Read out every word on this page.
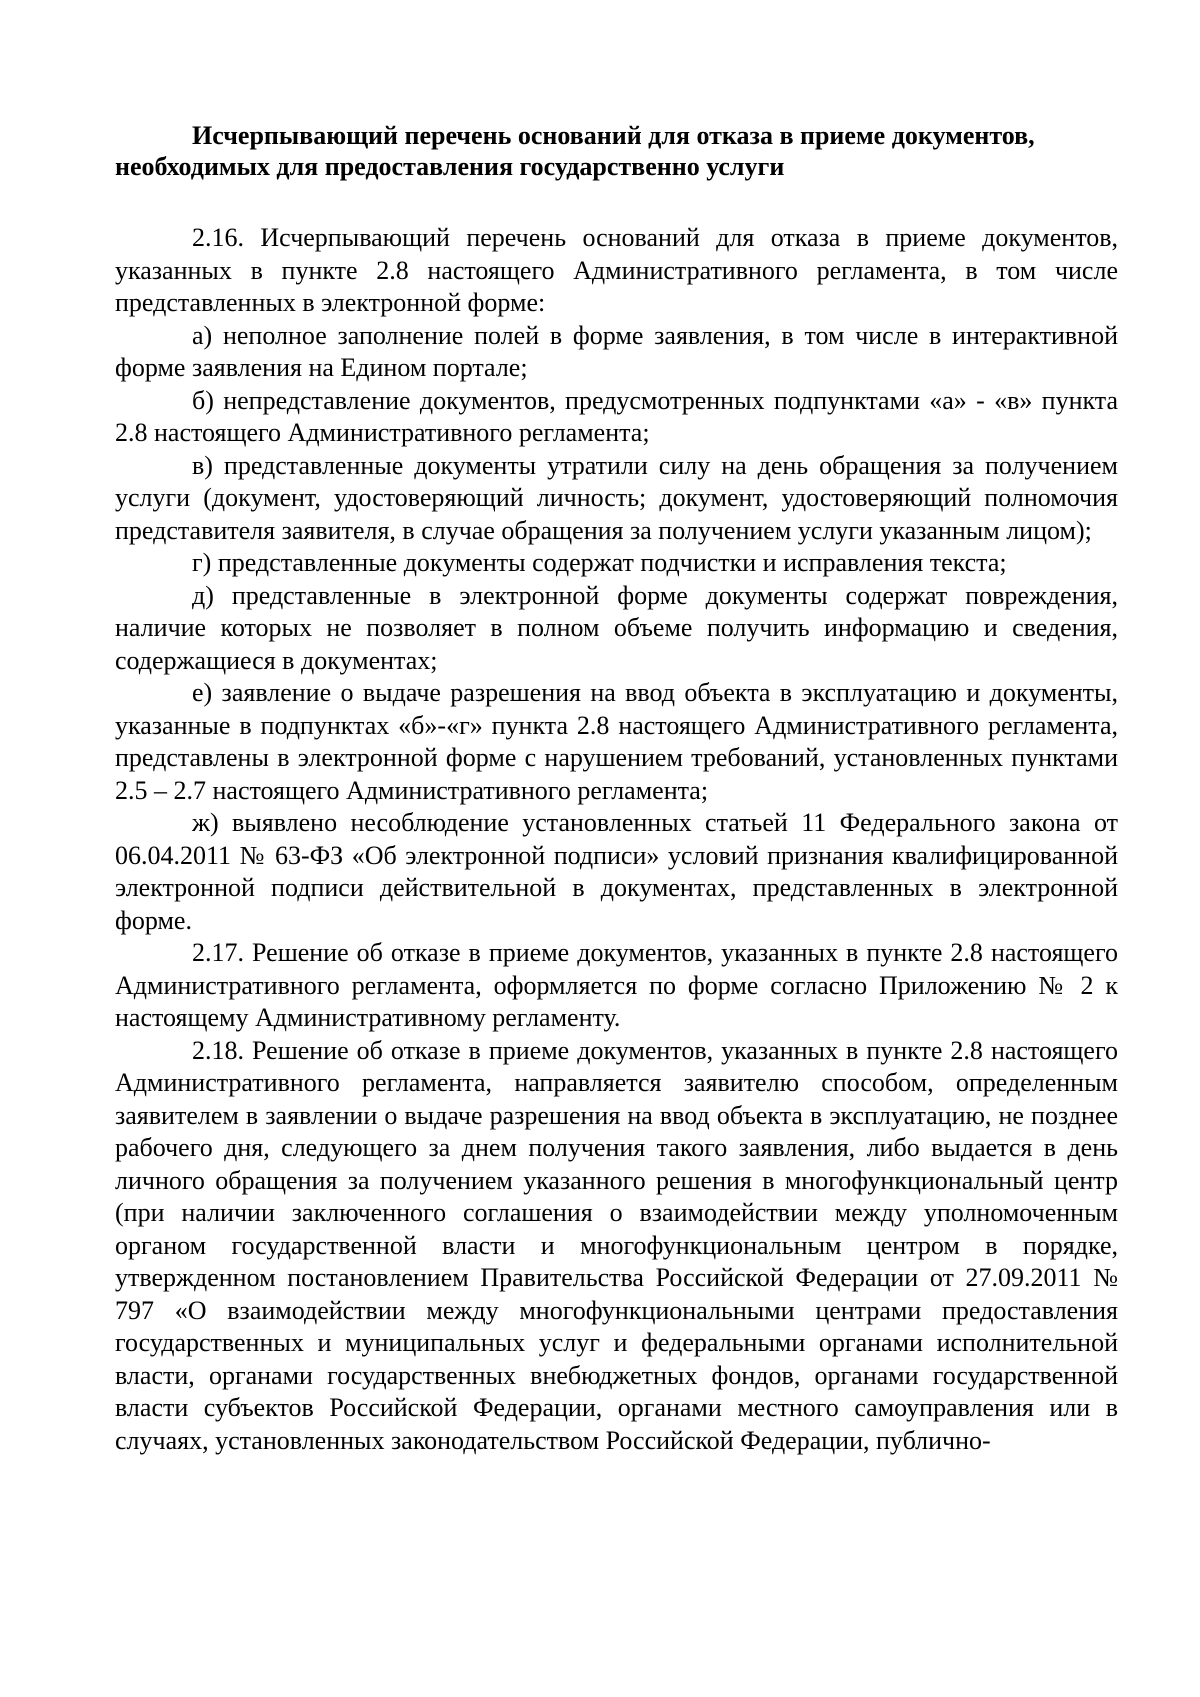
Исчерпывающий перечень оснований для отказа в приеме документов,
необходимых для предоставления государственно услуги

2.16. Исчерпывающий перечень оснований для отказа в приеме документов, указанных в пункте 2.8 настоящего Административного регламента, в том числе представленных в электронной форме:

а) неполное заполнение полей в форме заявления, в том числе в интерактивной форме заявления на Едином портале;

б) непредставление документов, предусмотренных подпунктами «а» - «в» пункта 2.8 настоящего Административного регламента;

в) представленные документы утратили силу на день обращения за получением услуги (документ, удостоверяющий личность; документ, удостоверяющий полномочия представителя заявителя, в случае обращения за получением услуги указанным лицом);

г) представленные документы содержат подчистки и исправления текста;

д) представленные в электронной форме документы содержат повреждения, наличие которых не позволяет в полном объеме получить информацию и сведения, содержащиеся в документах;

е) заявление о выдаче разрешения на ввод объекта в эксплуатацию и документы, указанные в подпунктах «б»-«г» пункта 2.8 настоящего Административного регламента, представлены в электронной форме с нарушением требований, установленных пунктами 2.5 – 2.7 настоящего Административного регламента;

ж) выявлено несоблюдение установленных статьей 11 Федерального закона от 06.04.2011 № 63-ФЗ «Об электронной подписи» условий признания квалифицированной электронной подписи действительной в документах, представленных в электронной форме.

2.17. Решение об отказе в приеме документов, указанных в пункте 2.8 настоящего Административного регламента, оформляется по форме согласно Приложению № 2 к настоящему Административному регламенту.

2.18. Решение об отказе в приеме документов, указанных в пункте 2.8 настоящего Административного регламента, направляется заявителю способом, определенным заявителем в заявлении о выдаче разрешения на ввод объекта в эксплуатацию, не позднее рабочего дня, следующего за днем получения такого заявления, либо выдается в день личного обращения за получением указанного решения в многофункциональный центр (при наличии заключенного соглашения о взаимодействии между уполномоченным органом государственной власти и многофункциональным центром в порядке, утвержденном постановлением Правительства Российской Федерации от 27.09.2011 № 797 «О взаимодействии между многофункциональными центрами предоставления государственных и муниципальных услуг и федеральными органами исполнительной власти, органами государственных внебюджетных фондов, органами государственной власти субъектов Российской Федерации, органами местного самоуправления или в случаях, установленных законодательством Российской Федерации, публично-
